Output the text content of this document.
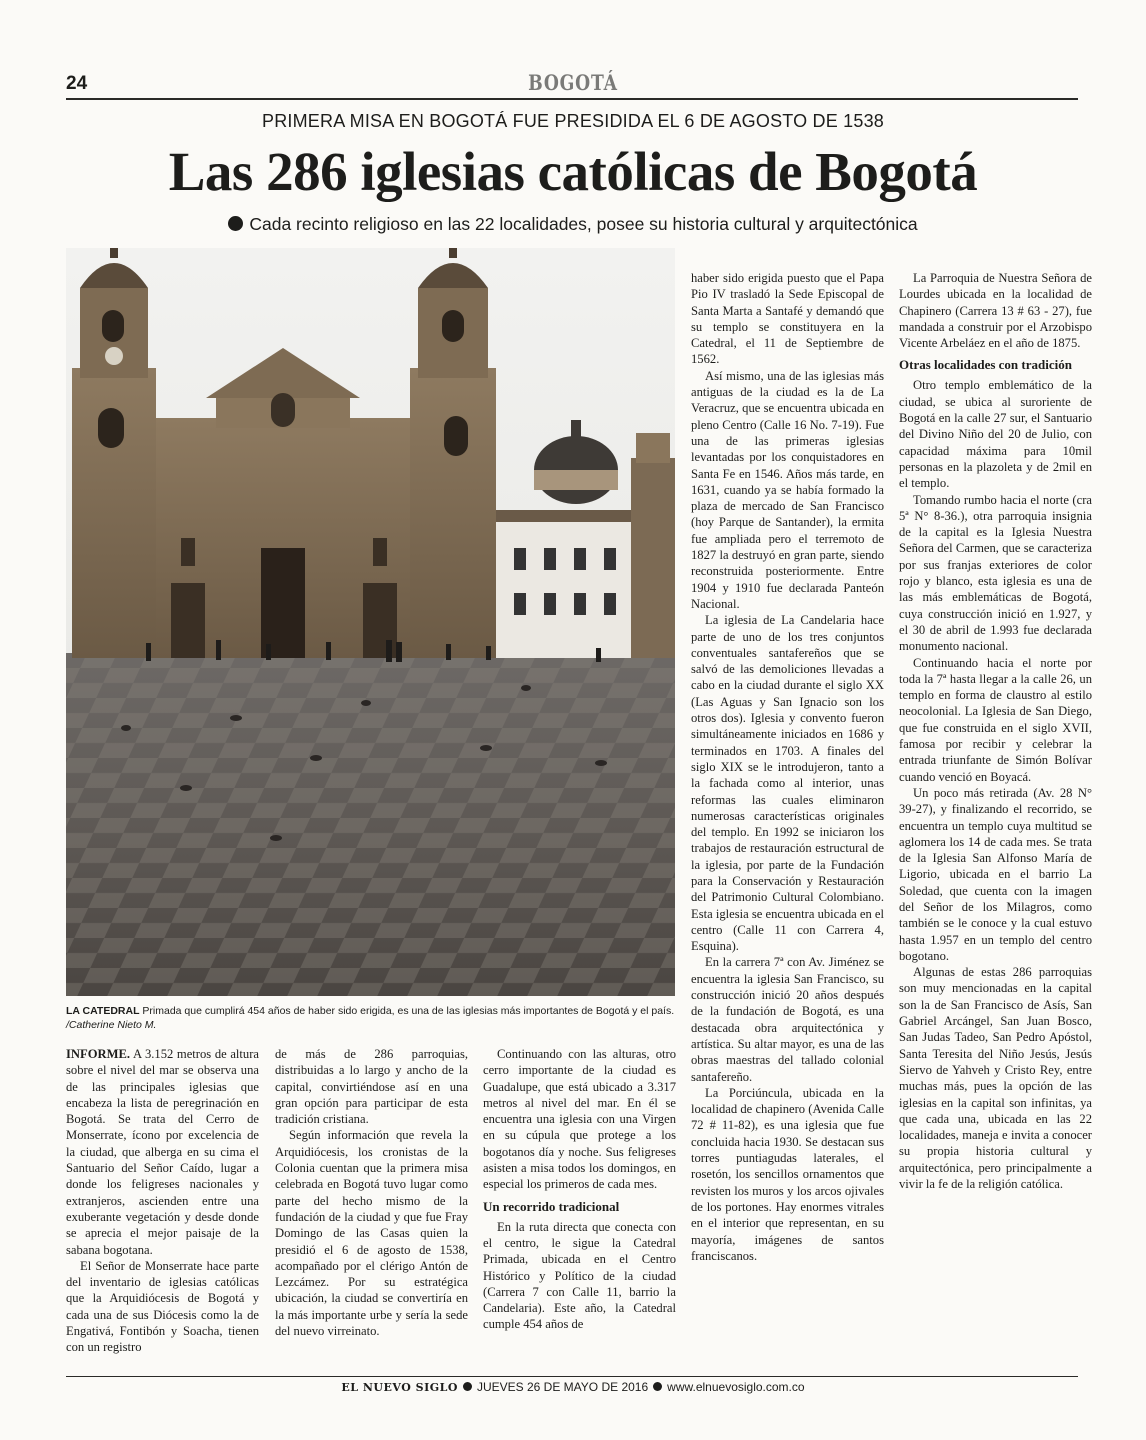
24	BOGOTÁ
PRIMERA MISA EN BOGOTÁ FUE PRESIDIDA EL 6 DE AGOSTO DE 1538
Las 286 iglesias católicas de Bogotá
Cada recinto religioso en las 22 localidades, posee su historia cultural y arquitectónica
LA CATEDRAL Primada que cumplirá 454 años de haber sido erigida, es una de las iglesias más importantes de Bogotá y el país. /Catherine Nieto M.

INFORME. A 3.152 metros de altura sobre el nivel del mar se observa una de las principales iglesias que encabeza la lista de peregrinación en Bogotá. Se trata del Cerro de Monserrate, ícono por excelencia de la ciudad, que alberga en su cima el Santuario del Señor Caído, lugar a donde los feligreses nacionales y extranjeros, ascienden entre una exuberante vegetación y desde donde se aprecia el mejor paisaje de la sabana bogotana.

El Señor de Monserrate hace parte del inventario de iglesias católicas que la Arquidiócesis de Bogotá y cada una de sus Diócesis como la de Engativá, Fontibón y Soacha, tienen con un registro

de más de 286 parroquias, distribuidas a lo largo y ancho de la capital, convirtiéndose así en una gran opción para participar de esta tradición cristiana.

Según información que revela la Arquidiócesis, los cronistas de la Colonia cuentan que la primera misa celebrada en Bogotá tuvo lugar como parte del hecho mismo de la fundación de la ciudad y que fue Fray Domingo de las Casas quien la presidió el 6 de agosto de 1538, acompañado por el clérigo Antón de Lezcámez. Por su estratégica ubicación, la ciudad se convertiría en la más importante urbe y sería la sede del nuevo virreinato.

Continuando con las alturas, otro cerro importante de la ciudad es Guadalupe, que está ubicado a 3.317 metros al nivel del mar. En él se encuentra una iglesia con una Virgen en su cúpula que protege a los bogotanos día y noche. Sus feligreses asisten a misa todos los domingos, en especial los primeros de cada mes.

Un recorrido tradicional

En la ruta directa que conecta con el centro, le sigue la Catedral Primada, ubicada en el Centro Histórico y Político de la ciudad (Carrera 7 con Calle 11, barrio la Candelaria). Este año, la Catedral cumple 454 años de

haber sido erigida puesto que el Papa Pio IV trasladó la Sede Episcopal de Santa Marta a Santafé y demandó que su templo se constituyera en la Catedral, el 11 de Septiembre de 1562.

Así mismo, una de las iglesias más antiguas de la ciudad es la de La Veracruz, que se encuentra ubicada en pleno Centro (Calle 16 No. 7-19). Fue una de las primeras iglesias levantadas por los conquistadores en Santa Fe en 1546. Años más tarde, en 1631, cuando ya se había formado la plaza de mercado de San Francisco (hoy Parque de Santander), la ermita fue ampliada pero el terremoto de 1827 la destruyó en gran parte, siendo reconstruida posteriormente. Entre 1904 y 1910 fue declarada Panteón Nacional.

La iglesia de La Candelaria hace parte de uno de los tres conjuntos conventuales santafereños que se salvó de las demoliciones llevadas a cabo en la ciudad durante el siglo XX (Las Aguas y San Ignacio son los otros dos). Iglesia y convento fueron simultáneamente iniciados en 1686 y terminados en 1703. A finales del siglo XIX se le introdujeron, tanto a la fachada como al interior, unas reformas las cuales eliminaron numerosas características originales del templo. En 1992 se iniciaron los trabajos de restauración estructural de la iglesia, por parte de la Fundación para la Conservación y Restauración del Patrimonio Cultural Colombiano. Esta iglesia se encuentra ubicada en el centro (Calle 11 con Carrera 4, Esquina).

En la carrera 7ª con Av. Jiménez se encuentra la iglesia San Francisco, su construcción inició 20 años después de la fundación de Bogotá, es una destacada obra arquitectónica y artística. Su altar mayor, es una de las obras maestras del tallado colonial santafereño.

La Porciúncula, ubicada en la localidad de chapinero (Avenida Calle 72 # 11-82), es una iglesia que fue concluida hacia 1930. Se destacan sus torres puntiagudas laterales, el rosetón, los sencillos ornamentos que revisten los muros y los arcos ojivales de los portones. Hay enormes vitrales en el interior que representan, en su mayoría, imágenes de santos franciscanos.

La Parroquia de Nuestra Señora de Lourdes ubicada en la localidad de Chapinero (Carrera 13 # 63 - 27), fue mandada a construir por el Arzobispo Vicente Arbeláez en el año de 1875.

Otras localidades con tradición

Otro templo emblemático de la ciudad, se ubica al suroriente de Bogotá en la calle 27 sur, el Santuario del Divino Niño del 20 de Julio, con capacidad máxima para 10mil personas en la plazoleta y de 2mil en el templo.

Tomando rumbo hacia el norte (cra 5ª N° 8-36.), otra parroquia insignia de la capital es la Iglesia Nuestra Señora del Carmen, que se caracteriza por sus franjas exteriores de color rojo y blanco, esta iglesia es una de las más emblemáticas de Bogotá, cuya construcción inició en 1.927, y el 30 de abril de 1.993 fue declarada monumento nacional.

Continuando hacia el norte por toda la 7ª hasta llegar a la calle 26, un templo en forma de claustro al estilo neocolonial. La Iglesia de San Diego, que fue construida en el siglo XVII, famosa por recibir y celebrar la entrada triunfante de Simón Bolívar cuando venció en Boyacá.

Un poco más retirada (Av. 28 N° 39-27), y finalizando el recorrido, se encuentra un templo cuya multitud se aglomera los 14 de cada mes. Se trata de la Iglesia San Alfonso María de Ligorio, ubicada en el barrio La Soledad, que cuenta con la imagen del Señor de los Milagros, como también se le conoce y la cual estuvo hasta 1.957 en un templo del centro bogotano.

Algunas de estas 286 parroquias son muy mencionadas en la capital son la de San Francisco de Asís, San Gabriel Arcángel, San Juan Bosco, San Judas Tadeo, San Pedro Apóstol, Santa Teresita del Niño Jesús, Jesús Siervo de Yahveh y Cristo Rey, entre muchas más, pues la opción de las iglesias en la capital son infinitas, ya que cada una, ubicada en las 22 localidades, maneja e invita a conocer su propia historia cultural y arquitectónica, pero principalmente a vivir la fe de la religión católica.

EL NUEVO SIGLO JUEVES 26 DE MAYO DE 2016 www.elnuevosiglo.com.co
